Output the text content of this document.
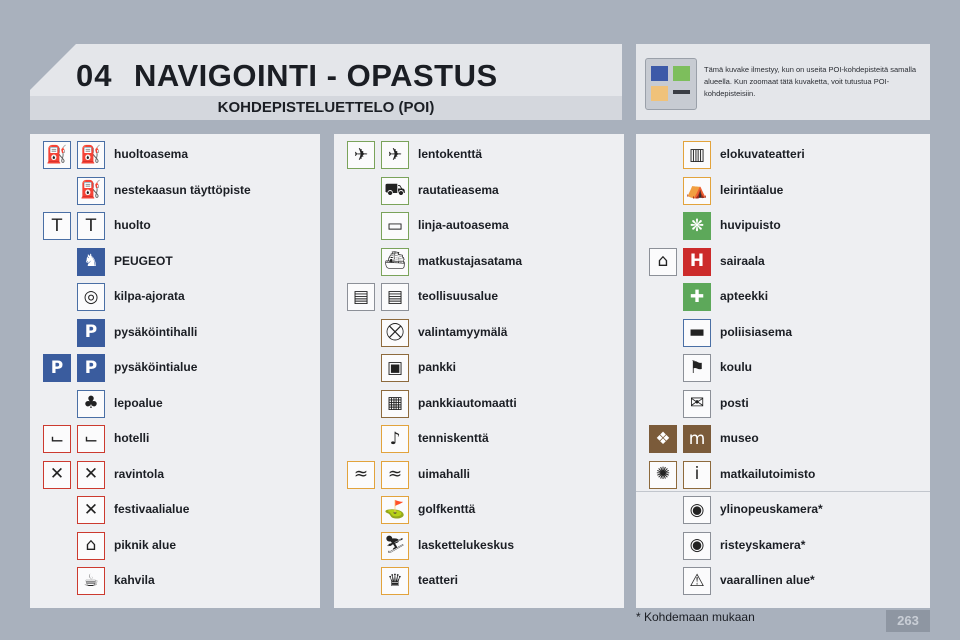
04 NAVIGOINTI - OPASTUS
KOHDEPISTELUETTELO (POI)
Tämä kuvake ilmestyy, kun on useita POI-kohdepisteitä samalla alueella. Kun zoomaat tätä kuvaketta, voit tutustua POI-kohdepisteisiin.
⛽ ⛽ huoltoasema
⛽ nestekaasun täyttöpiste
T	T	huolto
♞	PEUGEOT
◎	kilpa-ajorata
P	pysäköintihalli
P	P	pysäköintialue
♣	lepoalue
⌙	⌙	hotelli
✕	✕	ravintola
✕	festivaalialue
⌂	piknik alue
☕	kahvila
✈	✈	lentokenttä
⛟ rautatieasema
▭	linja-autoasema
⛴ matkustajasatama
▤	▤	teollisuusalue
⛒	valintamyymälä
▣	pankki
▦	pankkiautomaatti
♪	tenniskenttä
≈	≈	uimahalli
⛳ golfkenttä
⛷ laskettelukeskus
♛	teatteri
▥	elokuvateatteri
⛺ leirintäalue
❋	huvipuisto
⌂	H	sairaala
✚	apteekki
▬	poliisiasema
⚑	koulu
✉	posti
❖	m	museo
✺	i	matkailutoimisto
◉	ylinopeuskamera*
◉	risteyskamera*
⚠	vaarallinen alue*
* Kohdemaan mukaan	263
